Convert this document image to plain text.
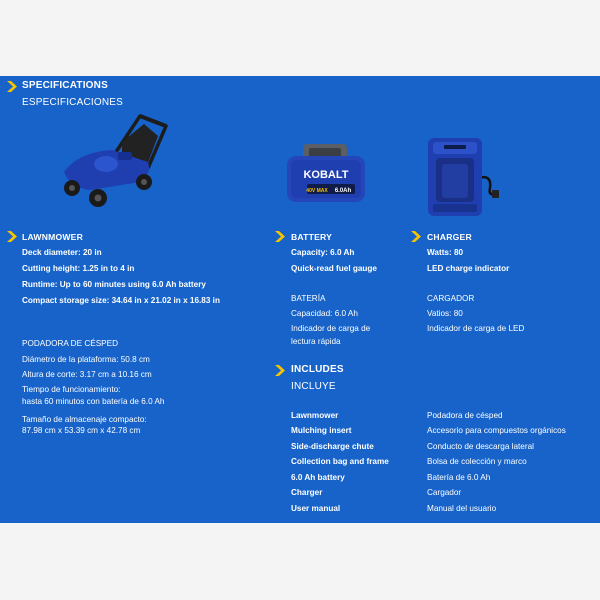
SPECIFICATIONS
ESPECIFICACIONES
KOBALT
40V MAX 6.0Ah
LAWNMOWER
Deck diameter: 20 in
Cutting height: 1.25 in to 4 in
Runtime: Up to 60 minutes using 6.0 Ah battery
Compact storage size: 34.64 in x 21.02 in x 16.83 in
PODADORA DE CÉSPED
Diámetro de la plataforma: 50.8 cm
Altura de corte: 3.17 cm a 10.16 cm
Tiempo de funcionamiento:
hasta 60 minutos con batería de 6.0 Ah
Tamaño de almacenaje compacto:
87.98 cm x 53.39 cm x 42.78 cm
BATTERY
Capacity: 6.0 Ah
Quick-read fuel gauge
BATERÍA
Capacidad: 6.0 Ah
Indicador de carga de
lectura rápida
CHARGER
Watts: 80
LED charge indicator
CARGADOR
Vatios: 80
Indicador de carga de LED
INCLUDES
INCLUYE
Lawnmower	Podadora de césped
Mulching insert	Accesorio para compuestos orgánicos
Side-discharge chute	Conducto de descarga lateral
Collection bag and frame	Bolsa de colección y marco
6.0 Ah battery	Batería de 6.0 Ah
Charger	Cargador
User manual	Manual del usuario
